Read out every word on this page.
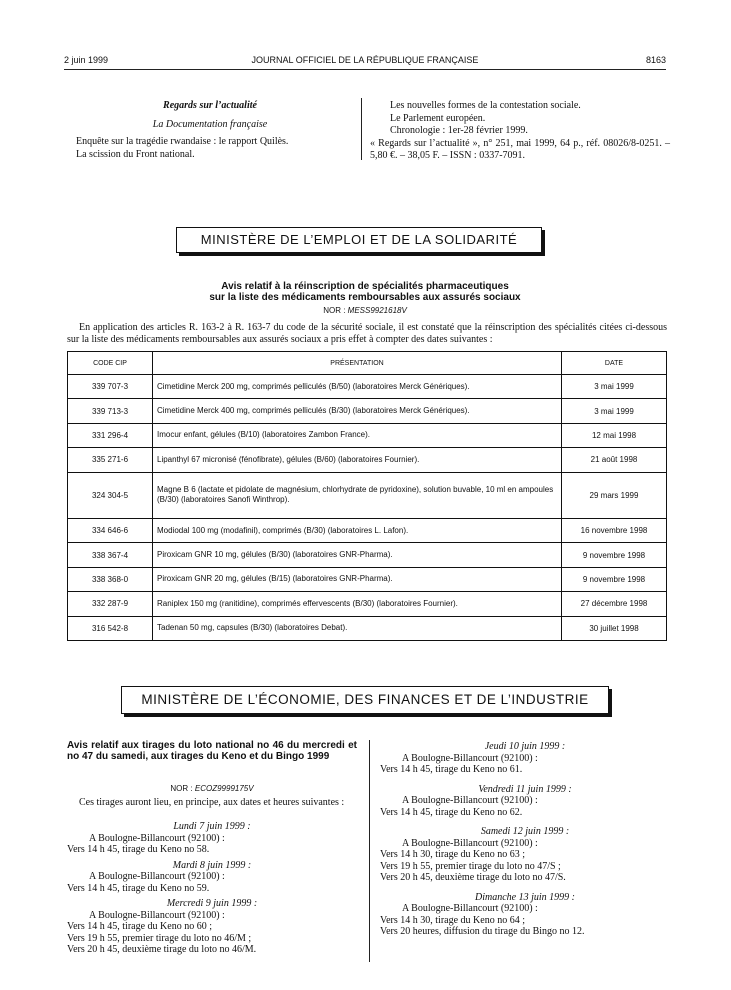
2 juin 1999	JOURNAL OFFICIEL DE LA RÉPUBLIQUE FRANÇAISE	8163

Regards sur l’actualité

La Documentation française

Enquête sur la tragédie rwandaise : le rapport Quilès.

La scission du Front national.

Les nouvelles formes de la contestation sociale.

Le Parlement européen.

Chronologie : 1er-28 février 1999.

« Regards sur l’actualité », n° 251, mai 1999, 64 p., réf. 08026/8-0251. – 5,80 €. – 38,05 F. – ISSN : 0337-7091.

MINISTÈRE DE L’EMPLOI ET DE LA SOLIDARITÉ
Avis relatif à la réinscription de spécialités pharmaceutiques
sur la liste des médicaments remboursables aux assurés sociaux
NOR : MESS9921618V
En application des articles R. 163-2 à R. 163-7 du code de la sécurité sociale, il est constaté que la réinscription des spécialités citées ci-dessous sur la liste des médicaments remboursables aux assurés sociaux a pris effet à compter des dates suivantes :
CODE CIP	PRÉSENTATION	DATE
339 707-3	Cimetidine Merck 200 mg, comprimés pelliculés (B/50) (laboratoires Merck Génériques).	3 mai 1999
339 713-3	Cimetidine Merck 400 mg, comprimés pelliculés (B/30) (laboratoires Merck Génériques).	3 mai 1999
331 296-4	Imocur enfant, gélules (B/10) (laboratoires Zambon France).	12 mai 1998
335 271-6	Lipanthyl 67 micronisé (fénofibrate), gélules (B/60) (laboratoires Fournier).	21 août 1998
324 304-5	Magne B 6 (lactate et pidolate de magnésium, chlorhydrate de pyridoxine), solution buvable, 10 ml en ampoules (B/30) (laboratoires Sanofi Winthrop).	29 mars 1999
334 646-6	Modiodal 100 mg (modafinil), comprimés (B/30) (laboratoires L. Lafon).	16 novembre 1998
338 367-4	Piroxicam GNR 10 mg, gélules (B/30) (laboratoires GNR-Pharma).	9 novembre 1998
338 368-0	Piroxicam GNR 20 mg, gélules (B/15) (laboratoires GNR-Pharma).	9 novembre 1998
332 287-9	Raniplex 150 mg (ranitidine), comprimés effervescents (B/30) (laboratoires Fournier).	27 décembre 1998
316 542-8	Tadenan 50 mg, capsules (B/30) (laboratoires Debat).	30 juillet 1998
MINISTÈRE DE L’ÉCONOMIE, DES FINANCES ET DE L’INDUSTRIE
Avis relatif aux tirages du loto national no 46 du mercredi et no 47 du samedi, aux tirages du Keno et du Bingo 1999
NOR : ECOZ9999175V
Ces tirages auront lieu, en principe, aux dates et heures suivantes :

Lundi 7 juin 1999 :

A Boulogne-Billancourt (92100) :

Vers 14 h 45, tirage du Keno no 58.

Mardi 8 juin 1999 :

A Boulogne-Billancourt (92100) :

Vers 14 h 45, tirage du Keno no 59.

Mercredi 9 juin 1999 :

A Boulogne-Billancourt (92100) :

Vers 14 h 45, tirage du Keno no 60 ;

Vers 19 h 55, premier tirage du loto no 46/M ;

Vers 20 h 45, deuxième tirage du loto no 46/M.

Jeudi 10 juin 1999 :

A Boulogne-Billancourt (92100) :

Vers 14 h 45, tirage du Keno no 61.

Vendredi 11 juin 1999 :

A Boulogne-Billancourt (92100) :

Vers 14 h 45, tirage du Keno no 62.

Samedi 12 juin 1999 :

A Boulogne-Billancourt (92100) :

Vers 14 h 30, tirage du Keno no 63 ;

Vers 19 h 55, premier tirage du loto no 47/S ;

Vers 20 h 45, deuxième tirage du loto no 47/S.

Dimanche 13 juin 1999 :

A Boulogne-Billancourt (92100) :

Vers 14 h 30, tirage du Keno no 64 ;

Vers 20 heures, diffusion du tirage du Bingo no 12.
